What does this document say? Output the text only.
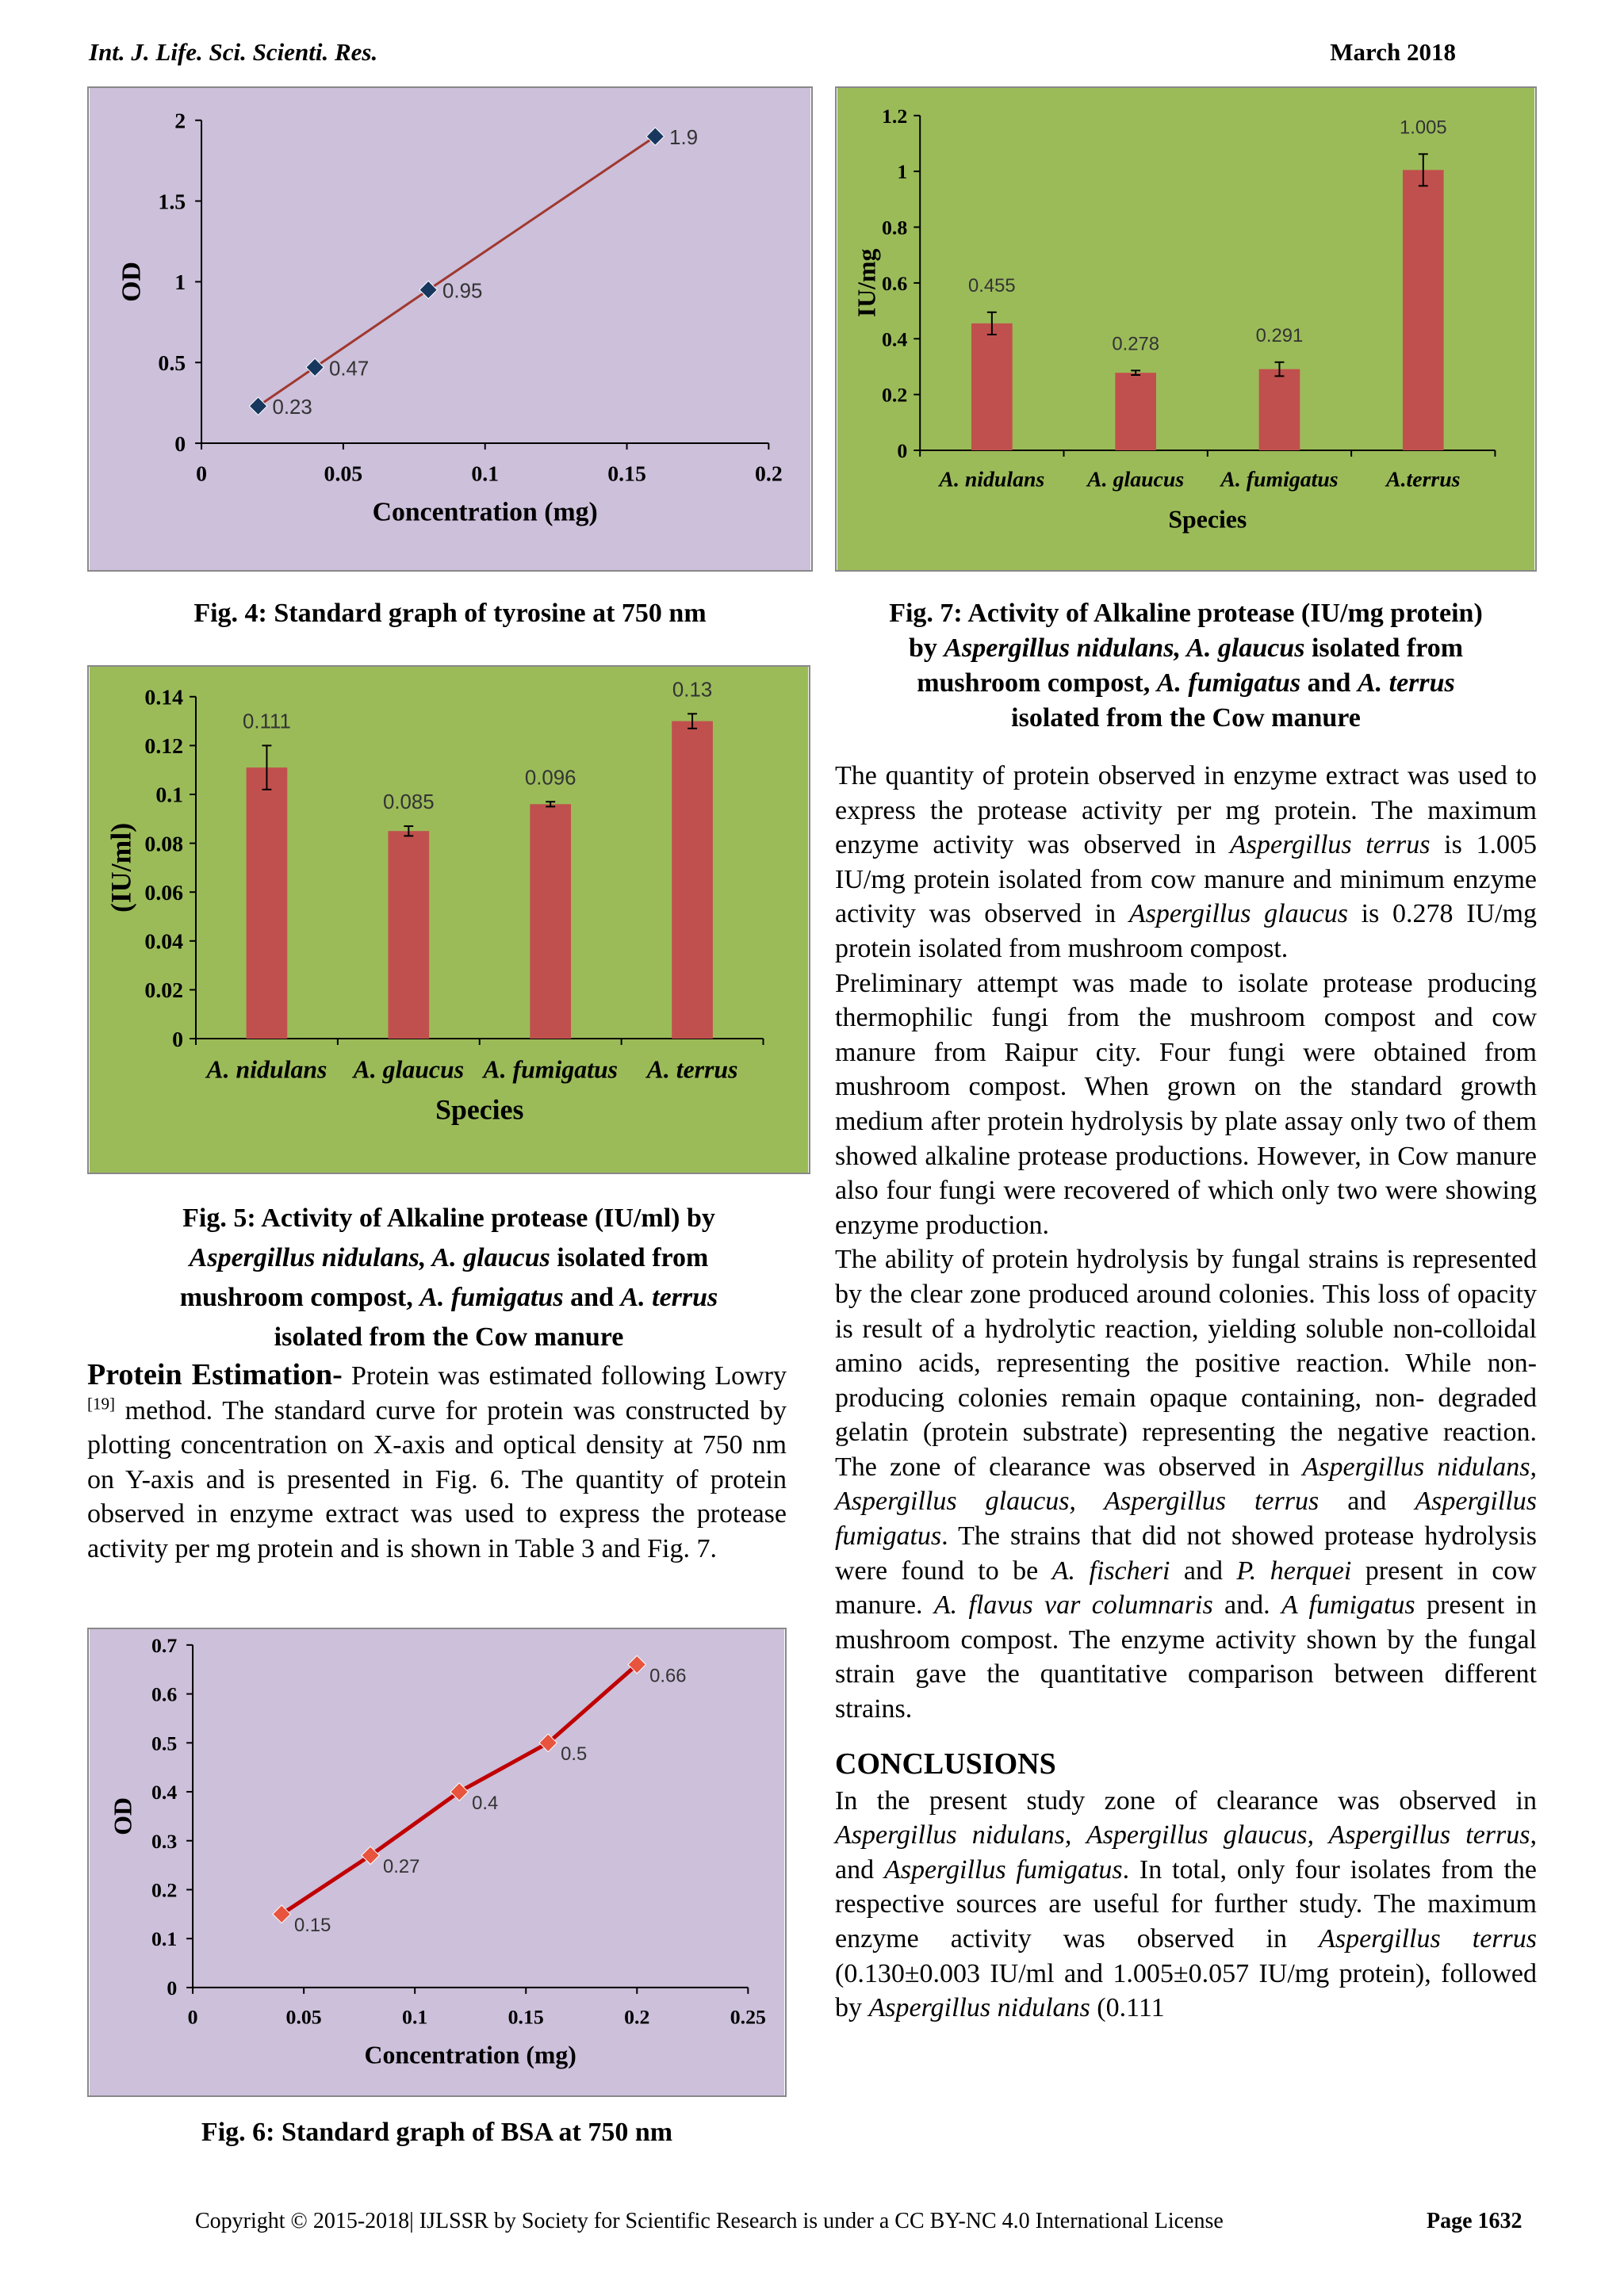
Int. J. Life. Sci. Scienti. Res.	March 2018
0
0.5
1
1.5
2
0	0.05	0.1	0.15	0.2
Concentration (mg)
OD
0.23
0.47
0.95
1.9
Fig. 4: Standard graph of tyrosine at 750 nm
0
0.02
0.04
0.06
0.08
0.1
0.12
0.14
0.111
A. nidulans
0.085
A. glaucus
0.096
A. fumigatus
0.13
A. terrus
Species
(IU/ml)
Fig. 5: Activity of Alkaline protease (IU/ml) by
Aspergillus nidulans, A. glaucus isolated from
mushroom compost, A. fumigatus and A. terrus
isolated from the Cow manure

Protein Estimation- Protein was estimated following Lowry [19] method. The standard curve for protein was constructed by plotting concentration on X-axis and optical density at 750 nm on Y-axis and is presented in Fig. 6. The quantity of protein observed in enzyme extract was used to express the protease activity per mg protein and is shown in Table 3 and Fig. 7.

0
0.1
0.2
0.3
0.4
0.5
0.6
0.7
0	0.05	0.1	0.15	0.2	0.25
Concentration (mg)
OD
0.15
0.27
0.4
0.5
0.66
Fig. 6: Standard graph of BSA at 750 nm
0
0.2
0.4
0.6
0.8
1
1.2
0.455
A. nidulans
0.278
A. glaucus
0.291
A. fumigatus
1.005
A.terrus
Species
IU/mg
Fig. 7: Activity of Alkaline protease (IU/mg protein)
by Aspergillus nidulans, A. glaucus isolated from
mushroom compost, A. fumigatus and A. terrus
isolated from the Cow manure

The quantity of protein observed in enzyme extract was used to express the protease activity per mg protein. The maximum enzyme activity was observed in Aspergillus terrus is 1.005 IU/mg protein isolated from cow manure and minimum enzyme activity was observed in Aspergillus glaucus is 0.278 IU/mg protein isolated from mushroom compost.

Preliminary attempt was made to isolate protease producing thermophilic fungi from the mushroom compost and cow manure from Raipur city. Four fungi were obtained from mushroom compost. When grown on the standard growth medium after protein hydrolysis by plate assay only two of them showed alkaline protease productions. However, in Cow manure also four fungi were recovered of which only two were showing enzyme production.

The ability of protein hydrolysis by fungal strains is represented by the clear zone produced around colonies. This loss of opacity is result of a hydrolytic reaction, yielding soluble non-colloidal amino acids, representing the positive reaction. While non- producing colonies remain opaque containing, non- degraded gelatin (protein substrate) representing the negative reaction. The zone of clearance was observed in Aspergillus nidulans, Aspergillus glaucus, Aspergillus terrus and Aspergillus fumigatus. The strains that did not showed protease hydrolysis were found to be A. fischeri and P. herquei present in cow manure. A. flavus var columnaris and. A fumigatus present in mushroom compost. The enzyme activity shown by the fungal strain gave the quantitative comparison between different strains.

CONCLUSIONS

In the present study zone of clearance was observed in Aspergillus nidulans, Aspergillus glaucus, Aspergillus terrus, and Aspergillus fumigatus. In total, only four isolates from the respective sources are useful for further study. The maximum enzyme activity was observed in Aspergillus terrus (0.130±0.003 IU/ml and 1.005±0.057 IU/mg protein), followed by Aspergillus nidulans (0.111

Copyright © 2015-2018| IJLSSR by Society for Scientific Research is under a CC BY-NC 4.0 International License	Page 1632
